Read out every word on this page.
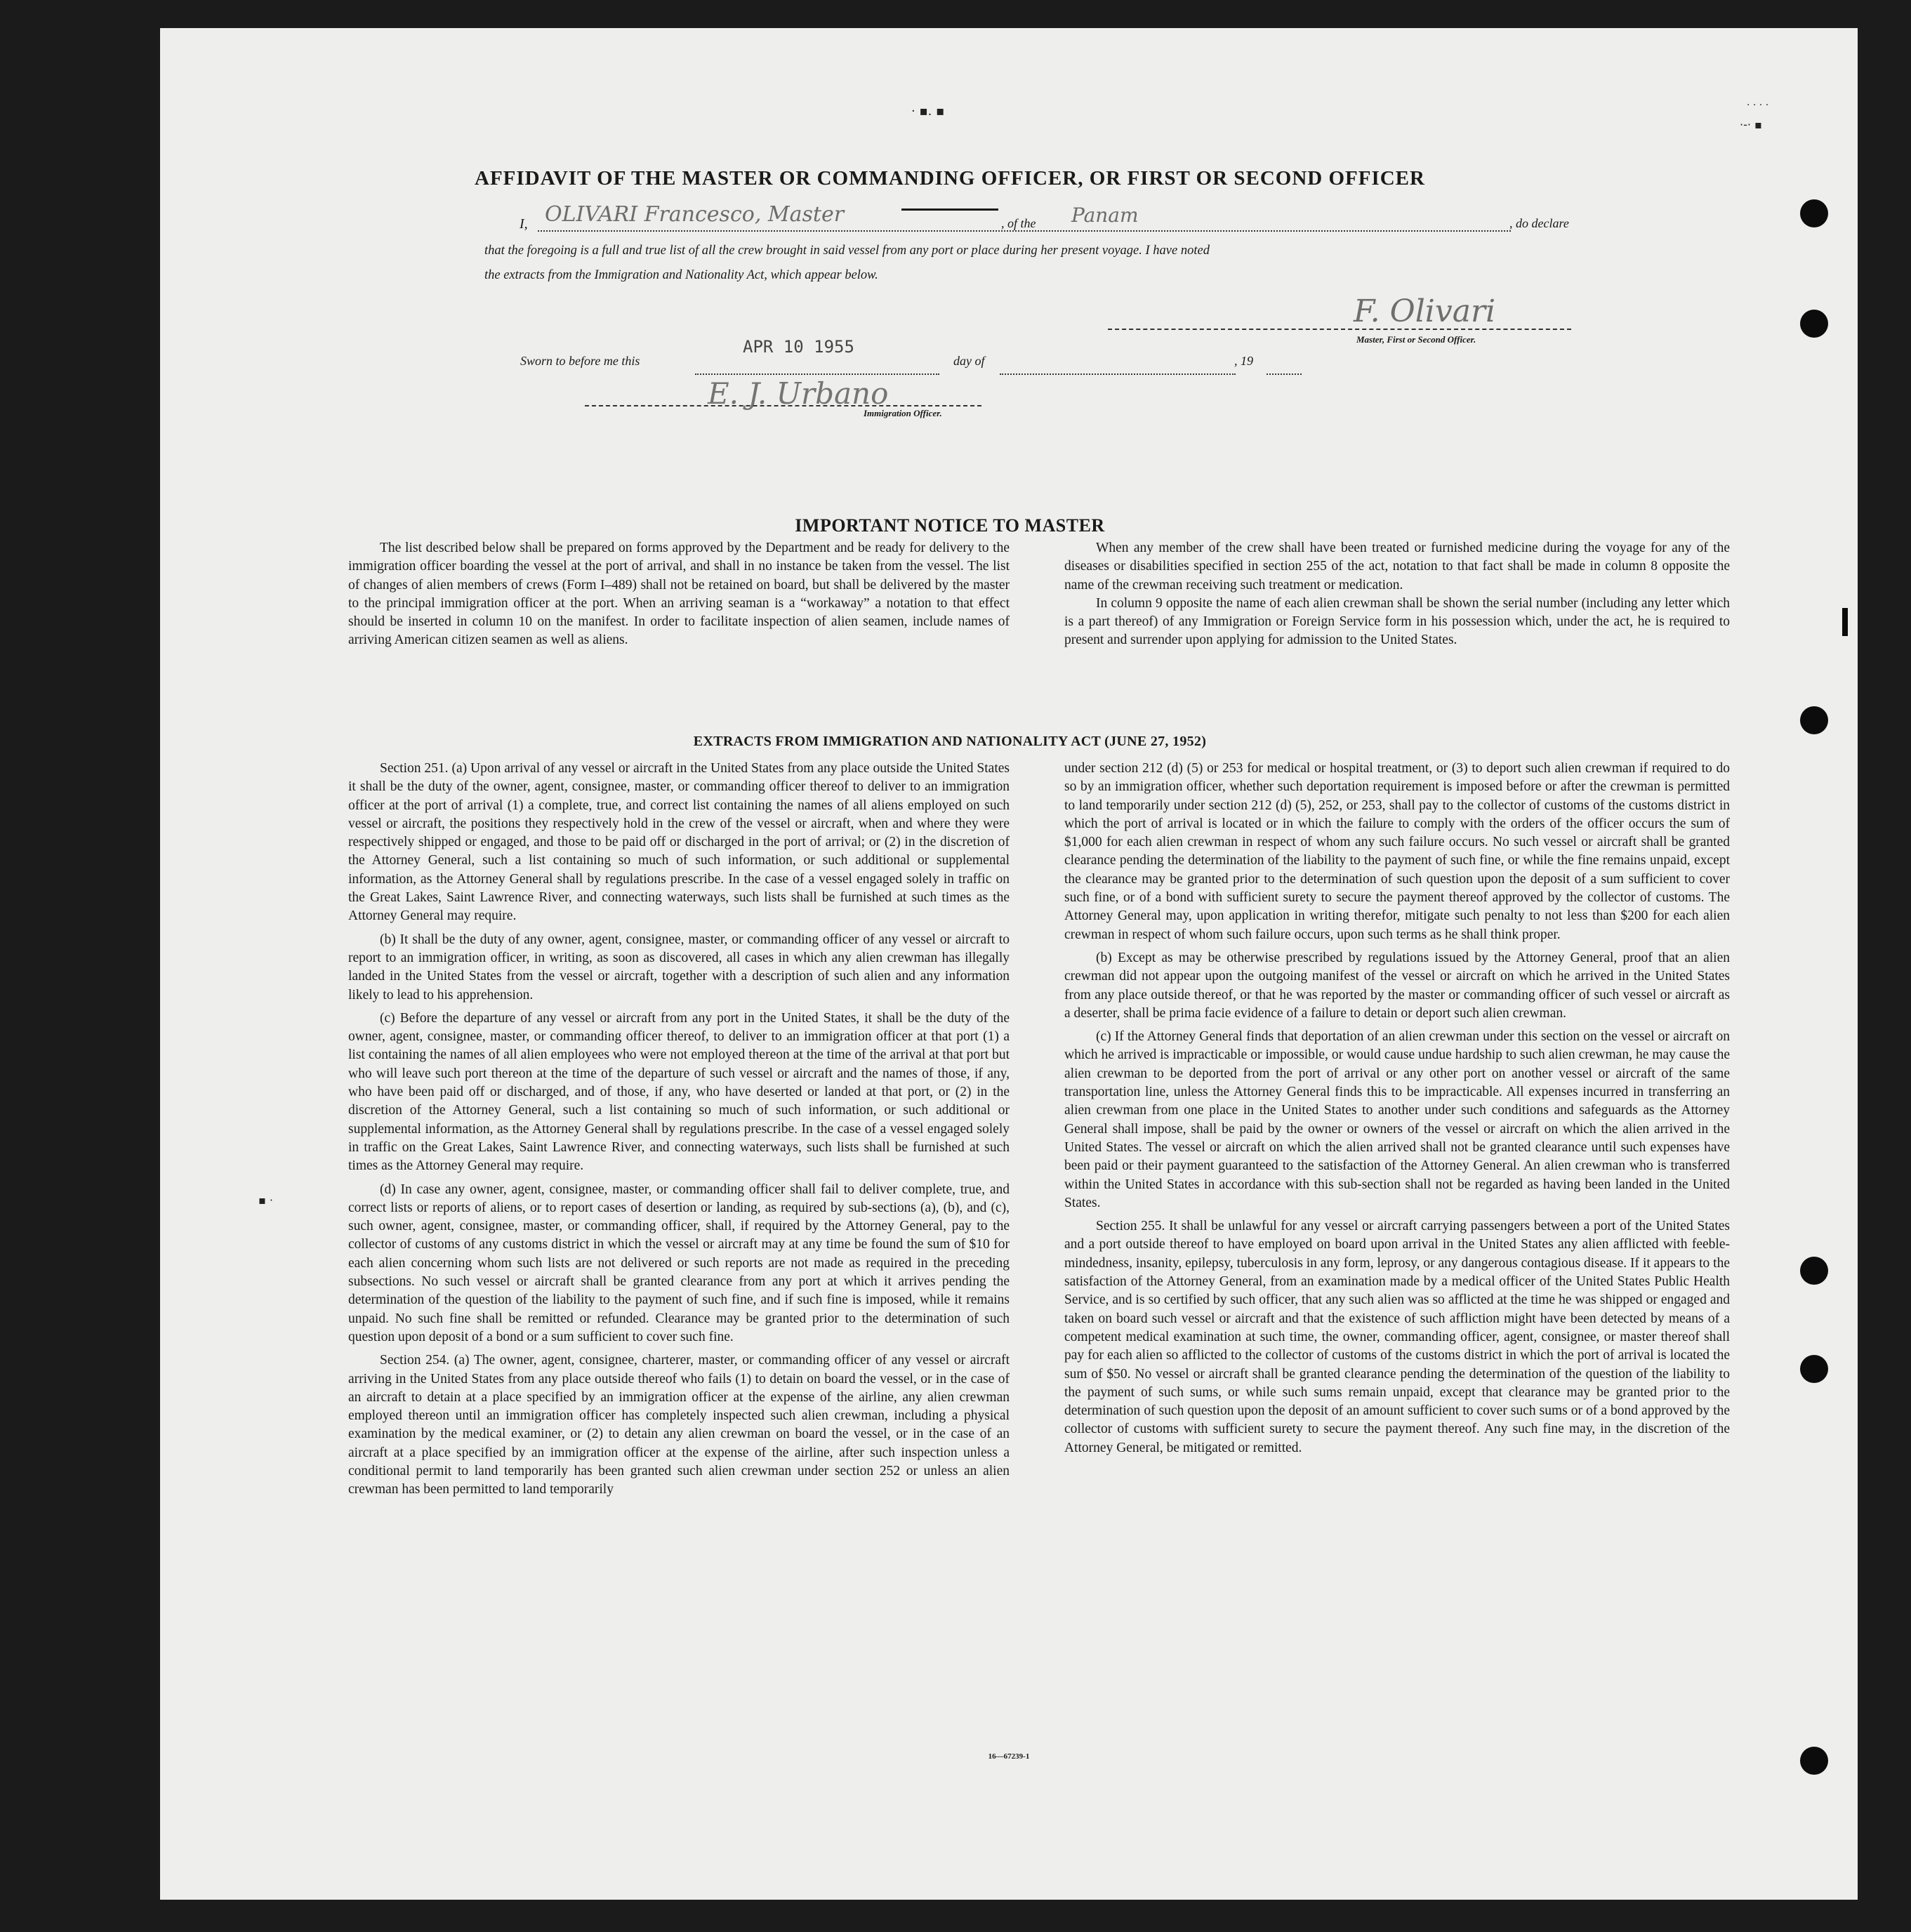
· ▪. ▪	· · · ·
·-· ▪
▪ ·
AFFIDAVIT OF THE MASTER OR COMMANDING OFFICER, OR FIRST OR SECOND OFFICER
I, OLIVARI Francesco, Master	, of the Panam	, do declare
that the foregoing is a full and true list of all the crew brought in said vessel from any port or place during her present voyage. I have noted
the extracts from the Immigration and Nationality Act, which appear below.
F. Olivari
Master, First or Second Officer.
Sworn to before me this
APR 10 1955
day of	, 19
E. J. Urbano
Immigration Officer.
IMPORTANT NOTICE TO MASTER

The list described below shall be prepared on forms approved by the Department and be ready for delivery to the immigration officer boarding the vessel at the port of arrival, and shall in no instance be taken from the vessel. The list of changes of alien members of crews (Form I–489) shall not be retained on board, but shall be delivered by the master to the principal immigration officer at the port. When an arriving seaman is a “workaway” a notation to that effect should be inserted in column 10 on the manifest. In order to facilitate inspection of alien seamen, include names of arriving American citizen seamen as well as aliens.

When any member of the crew shall have been treated or furnished medicine during the voyage for any of the diseases or disabilities specified in section 255 of the act, notation to that fact shall be made in column 8 opposite the name of the crewman receiving such treatment or medication.

In column 9 opposite the name of each alien crewman shall be shown the serial number (including any letter which is a part thereof) of any Immigration or Foreign Service form in his possession which, under the act, he is required to present and surrender upon applying for admission to the United States.

EXTRACTS FROM IMMIGRATION AND NATIONALITY ACT (JUNE 27, 1952)

Section 251. (a) Upon arrival of any vessel or aircraft in the United States from any place outside the United States it shall be the duty of the owner, agent, consignee, master, or commanding officer thereof to deliver to an immigration officer at the port of arrival (1) a complete, true, and correct list containing the names of all aliens employed on such vessel or aircraft, the positions they respectively hold in the crew of the vessel or aircraft, when and where they were respectively shipped or engaged, and those to be paid off or discharged in the port of arrival; or (2) in the discretion of the Attorney General, such a list containing so much of such information, or such additional or supplemental information, as the Attorney General shall by regulations prescribe. In the case of a vessel engaged solely in traffic on the Great Lakes, Saint Lawrence River, and connecting waterways, such lists shall be furnished at such times as the Attorney General may require.

(b) It shall be the duty of any owner, agent, consignee, master, or commanding officer of any vessel or aircraft to report to an immigration officer, in writing, as soon as discovered, all cases in which any alien crewman has illegally landed in the United States from the vessel or aircraft, together with a description of such alien and any information likely to lead to his apprehension.

(c) Before the departure of any vessel or aircraft from any port in the United States, it shall be the duty of the owner, agent, consignee, master, or commanding officer thereof, to deliver to an immigration officer at that port (1) a list containing the names of all alien employees who were not employed thereon at the time of the arrival at that port but who will leave such port thereon at the time of the departure of such vessel or aircraft and the names of those, if any, who have been paid off or discharged, and of those, if any, who have deserted or landed at that port, or (2) in the discretion of the Attorney General, such a list containing so much of such information, or such additional or supplemental information, as the Attorney General shall by regulations prescribe. In the case of a vessel engaged solely in traffic on the Great Lakes, Saint Lawrence River, and connecting waterways, such lists shall be furnished at such times as the Attorney General may require.

(d) In case any owner, agent, consignee, master, or commanding officer shall fail to deliver complete, true, and correct lists or reports of aliens, or to report cases of desertion or landing, as required by sub-sections (a), (b), and (c), such owner, agent, consignee, master, or commanding officer, shall, if required by the Attorney General, pay to the collector of customs of any customs district in which the vessel or aircraft may at any time be found the sum of $10 for each alien concerning whom such lists are not delivered or such reports are not made as required in the preceding subsections. No such vessel or aircraft shall be granted clearance from any port at which it arrives pending the determination of the question of the liability to the payment of such fine, and if such fine is imposed, while it remains unpaid. No such fine shall be remitted or refunded. Clearance may be granted prior to the determination of such question upon deposit of a bond or a sum sufficient to cover such fine.

Section 254. (a) The owner, agent, consignee, charterer, master, or commanding officer of any vessel or aircraft arriving in the United States from any place outside thereof who fails (1) to detain on board the vessel, or in the case of an aircraft to detain at a place specified by an immigration officer at the expense of the airline, any alien crewman employed thereon until an immigration officer has completely inspected such alien crewman, including a physical examination by the medical examiner, or (2) to detain any alien crewman on board the vessel, or in the case of an aircraft at a place specified by an immigration officer at the expense of the airline, after such inspection unless a conditional permit to land temporarily has been granted such alien crewman under section 252 or unless an alien crewman has been permitted to land temporarily

under section 212 (d) (5) or 253 for medical or hospital treatment, or (3) to deport such alien crewman if required to do so by an immigration officer, whether such deportation requirement is imposed before or after the crewman is permitted to land temporarily under section 212 (d) (5), 252, or 253, shall pay to the collector of customs of the customs district in which the port of arrival is located or in which the failure to comply with the orders of the officer occurs the sum of $1,000 for each alien crewman in respect of whom any such failure occurs. No such vessel or aircraft shall be granted clearance pending the determination of the liability to the payment of such fine, or while the fine remains unpaid, except the clearance may be granted prior to the determination of such question upon the deposit of a sum sufficient to cover such fine, or of a bond with sufficient surety to secure the payment thereof approved by the collector of customs. The Attorney General may, upon application in writing therefor, mitigate such penalty to not less than $200 for each alien crewman in respect of whom such failure occurs, upon such terms as he shall think proper.

(b) Except as may be otherwise prescribed by regulations issued by the Attorney General, proof that an alien crewman did not appear upon the outgoing manifest of the vessel or aircraft on which he arrived in the United States from any place outside thereof, or that he was reported by the master or commanding officer of such vessel or aircraft as a deserter, shall be prima facie evidence of a failure to detain or deport such alien crewman.

(c) If the Attorney General finds that deportation of an alien crewman under this section on the vessel or aircraft on which he arrived is impracticable or impossible, or would cause undue hardship to such alien crewman, he may cause the alien crewman to be deported from the port of arrival or any other port on another vessel or aircraft of the same transportation line, unless the Attorney General finds this to be impracticable. All expenses incurred in transferring an alien crewman from one place in the United States to another under such conditions and safeguards as the Attorney General shall impose, shall be paid by the owner or owners of the vessel or aircraft on which the alien arrived in the United States. The vessel or aircraft on which the alien arrived shall not be granted clearance until such expenses have been paid or their payment guaranteed to the satisfaction of the Attorney General. An alien crewman who is transferred within the United States in accordance with this sub-section shall not be regarded as having been landed in the United States.

Section 255. It shall be unlawful for any vessel or aircraft carrying passengers between a port of the United States and a port outside thereof to have employed on board upon arrival in the United States any alien afflicted with feeble-mindedness, insanity, epilepsy, tuberculosis in any form, leprosy, or any dangerous contagious disease. If it appears to the satisfaction of the Attorney General, from an examination made by a medical officer of the United States Public Health Service, and is so certified by such officer, that any such alien was so afflicted at the time he was shipped or engaged and taken on board such vessel or aircraft and that the existence of such affliction might have been detected by means of a competent medical examination at such time, the owner, commanding officer, agent, consignee, or master thereof shall pay for each alien so afflicted to the collector of customs of the customs district in which the port of arrival is located the sum of $50. No vessel or aircraft shall be granted clearance pending the determination of the question of the liability to the payment of such sums, or while such sums remain unpaid, except that clearance may be granted prior to the determination of such question upon the deposit of an amount sufficient to cover such sums or of a bond approved by the collector of customs with sufficient surety to secure the payment thereof. Any such fine may, in the discretion of the Attorney General, be mitigated or remitted.

16—67239-1
